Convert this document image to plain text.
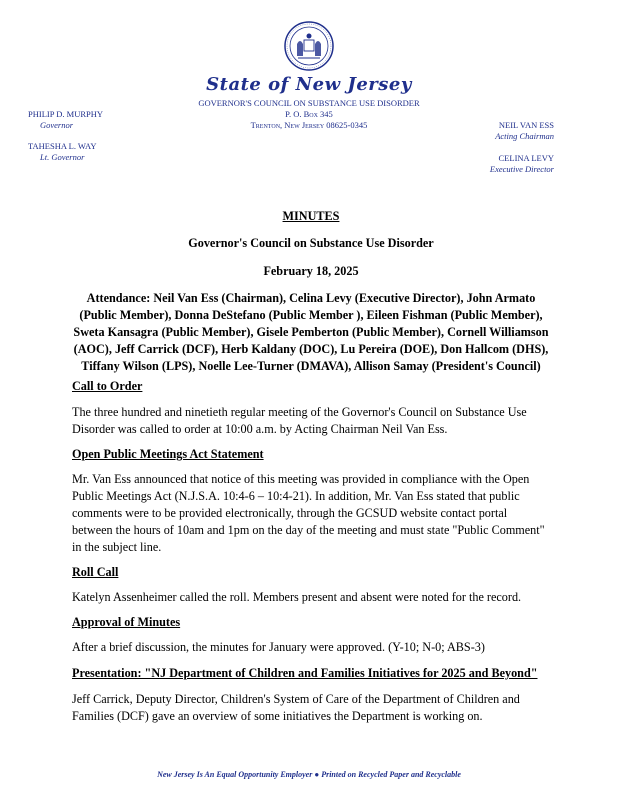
State of New Jersey
GOVERNOR'S COUNCIL ON SUBSTANCE USE DISORDER
P. O. Box 345
Trenton, New Jersey 08625-0345
PHILIP D. MURPHY
Governor
TAHESHA L. WAY
Lt. Governor
NEIL VAN ESS
Acting Chairman
CELINA LEVY
Executive Director
MINUTES
Governor's Council on Substance Use Disorder
February 18, 2025
Attendance: Neil Van Ess (Chairman), Celina Levy (Executive Director), John Armato (Public Member), Donna DeStefano (Public Member ), Eileen Fishman (Public Member), Sweta Kansagra (Public Member), Gisele Pemberton (Public Member), Cornell Williamson (AOC), Jeff Carrick (DCF), Herb Kaldany (DOC), Lu Pereira (DOE), Don Hallcom (DHS), Tiffany Wilson (LPS), Noelle Lee-Turner (DMAVA), Allison Samay (President's Council)
Call to Order
The three hundred and ninetieth regular meeting of the Governor's Council on Substance Use Disorder was called to order at 10:00 a.m. by Acting Chairman Neil Van Ess.
Open Public Meetings Act Statement
Mr. Van Ess announced that notice of this meeting was provided in compliance with the Open Public Meetings Act (N.J.S.A. 10:4-6 – 10:4-21). In addition, Mr. Van Ess stated that public comments were to be provided electronically, through the GCSUD website contact portal between the hours of 10am and 1pm on the day of the meeting and must state "Public Comment" in the subject line.
Roll Call
Katelyn Assenheimer called the roll. Members present and absent were noted for the record.
Approval of Minutes
After a brief discussion, the minutes for January were approved. (Y-10; N-0; ABS-3)
Presentation: "NJ Department of Children and Families Initiatives for 2025 and Beyond"
Jeff Carrick, Deputy Director, Children's System of Care of the Department of Children and Families (DCF) gave an overview of some initiatives the Department is working on.
New Jersey Is An Equal Opportunity Employer ● Printed on Recycled Paper and Recyclable
